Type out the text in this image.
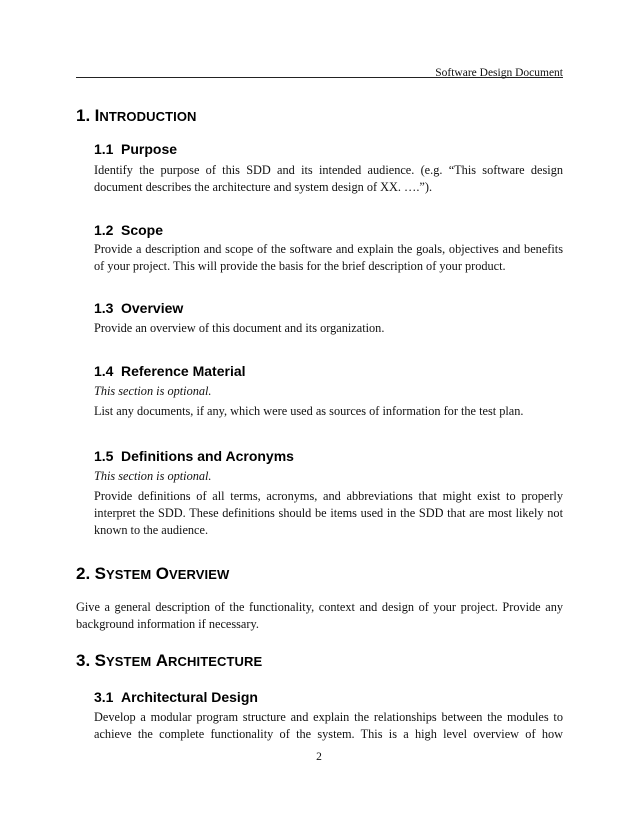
Software Design Document
1. INTRODUCTION
1.1 Purpose

Identify the purpose of this SDD and its intended audience. (e.g. “This software design document describes the architecture and system design of XX. ….”).

1.2 Scope

Provide a description and scope of the software and explain the goals, objectives and benefits of your project. This will provide the basis for the brief description of your product.

1.3 Overview

Provide an overview of this document and its organization.

1.4 Reference Material

This section is optional.

List any documents, if any, which were used as sources of information for the test plan.

1.5 Definitions and Acronyms

This section is optional.

Provide definitions of all terms, acronyms, and abbreviations that might exist to properly interpret the SDD. These definitions should be items used in the SDD that are most likely not known to the audience.

2. SYSTEM OVERVIEW

Give a general description of the functionality, context and design of your project. Provide any background information if necessary.

3. SYSTEM ARCHITECTURE
3.1 Architectural Design

Develop a modular program structure and explain the relationships between the modules to achieve the complete functionality of the system. This is a high level overview of how

2
